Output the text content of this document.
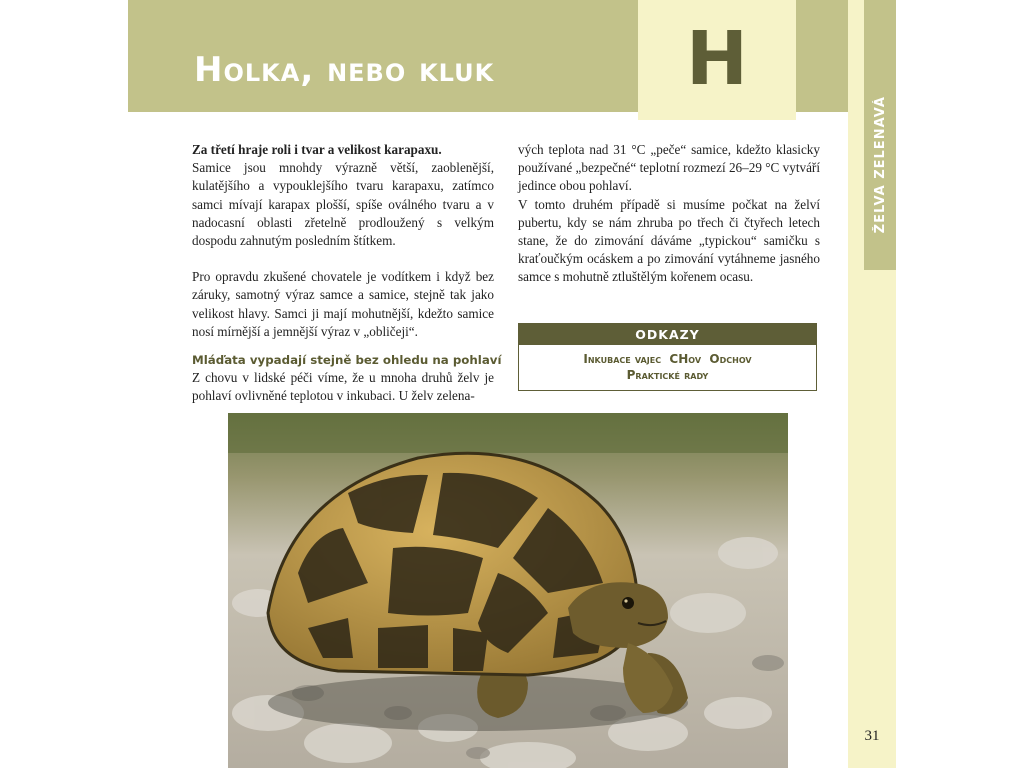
Holka, nebo kluk	H
ŽELVA ZELENAVÁ

Za třetí hraje roli i tvar a velikost karapaxu.

Samice jsou mnohdy výrazně větší, zaoblenější, kulatějšího a vypouklejšího tvaru karapaxu, zatímco samci mívají karapax plošší, spíše oválného tvaru a v nadocasní oblasti zřetelně prodloužený s velkým dospodu zahnutým posledním štítkem.

Pro opravdu zkušené chovatele je vodítkem i když bez záruky, samotný výraz samce a samice, stejně tak jako velikost hlavy. Samci ji mají mohutnější, kdežto samice nosí mírnější a jemnější výraz v „obličeji“.

Mláďata vypadají stejně bez ohledu na pohlaví

Z chovu v lidské péči víme, že u mnoha druhů želv je pohlaví ovlivněné teplotou v inkubaci. U želv zelena-

vých teplota nad 31 °C „peče“ samice, kdežto klasicky používané „bezpečné“ teplotní rozmezí 26–29 °C vytváří jedince obou pohlaví.

V tomto druhém případě si musíme počkat na želví pubertu, kdy se nám zhruba po třech či čtyřech letech stane, že do zimování dáváme „typickou“ samičku s kraťoučkým ocáskem a po zimování vytáhneme jasného samce s mohutně ztluštělým kořenem ocasu.

ODKAZY
Inkubace vajec CHov Odchov
Praktické rady
31
